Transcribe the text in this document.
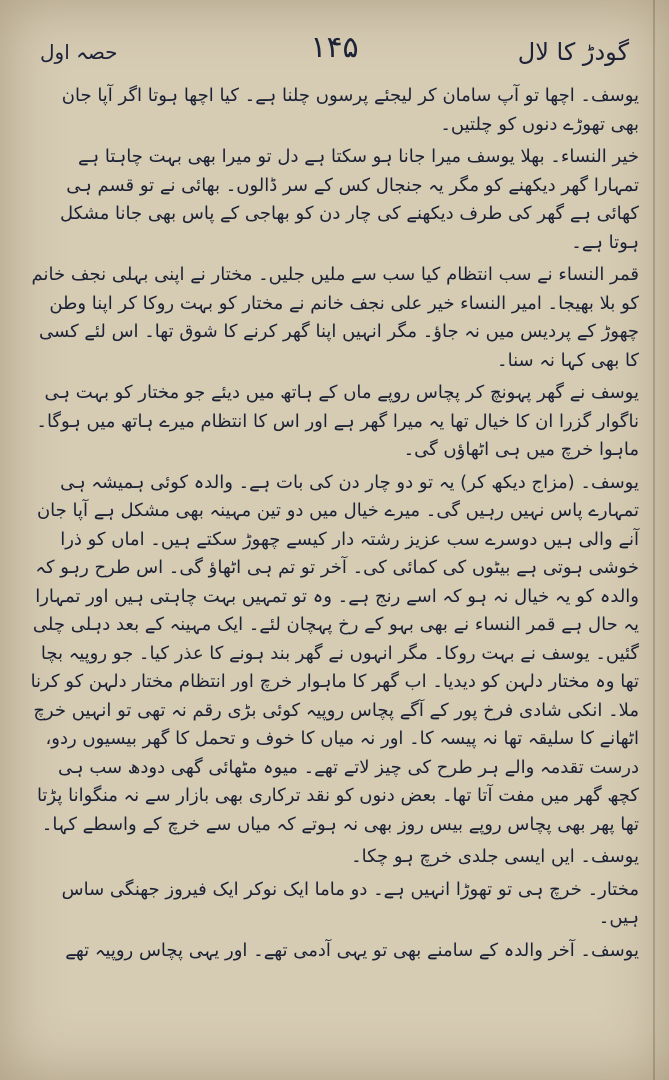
گودڑ کا لال
۱۴۵
حصہ اول

یوسف۔ اچھا تو آپ سامان کر لیجئے پرسوں چلنا ہے۔ کیا اچھا ہوتا اگر آپا جان بھی تھوڑے دنوں کو چلتیں۔

خیر النساء۔ بھلا یوسف میرا جانا ہو سکتا ہے دل تو میرا بھی بہت چاہتا ہے تمہارا گھر دیکھنے کو مگر یہ جنجال کس کے سر ڈالوں۔ بھائی نے تو قسم ہی کھائی ہے گھر کی طرف دیکھنے کی چار دن کو بھاجی کے پاس بھی جانا مشکل ہوتا ہے۔

قمر النساء نے سب انتظام کیا سب سے ملیں جلیں۔ مختار نے اپنی بہلی نجف خانم کو بلا بھیجا۔ امیر النساء خیر علی نجف خانم نے مختار کو بہت روکا کر اپنا وطن چھوڑ کے پردیس میں نہ جاؤ۔ مگر انہیں اپنا گھر کرنے کا شوق تھا۔ اس لئے کسی کا بھی کہا نہ سنا۔

یوسف نے گھر پہونچ کر پچاس روپے ماں کے ہاتھ میں دیئے جو مختار کو بہت ہی ناگوار گزرا ان کا خیال تھا یہ میرا گھر ہے اور اس کا انتظام میرے ہاتھ میں ہوگا۔ ماہوا خرچ میں ہی اٹھاؤں گی۔

یوسف۔ (مزاج دیکھ کر) یہ تو دو چار دن کی بات ہے۔ والدہ کوئی ہمیشہ ہی تمہارے پاس نہیں رہیں گی۔ میرے خیال میں دو تین مہینہ بھی مشکل ہے آپا جان آنے والی ہیں دوسرے سب عزیز رشتہ دار کیسے چھوڑ سکتے ہیں۔ اماں کو ذرا خوشی ہوتی ہے بیٹوں کی کمائی کی۔ آخر تو تم ہی اٹھاؤ گی۔ اس طرح رہو کہ والدہ کو یہ خیال نہ ہو کہ اسے رنج ہے۔ وہ تو تمہیں بہت چاہتی ہیں اور تمہارا یہ حال ہے قمر النساء نے بھی بہو کے رخ پہچان لئے۔ ایک مہینہ کے بعد دہلی چلی گئیں۔ یوسف نے بہت روکا۔ مگر انہوں نے گھر بند ہونے کا عذر کیا۔ جو روپیہ بچا تھا وہ مختار دلہن کو دیدیا۔ اب گھر کا ماہوار خرچ اور انتظام مختار دلہن کو کرنا ملا۔ انکی شادی فرخ پور کے آگے پچاس روپیہ کوئی بڑی رقم نہ تھی تو انہیں خرچ اٹھانے کا سلیقہ تھا نہ پیسہ کا۔ اور نہ میاں کا خوف و تحمل کا گھر بیسیوں ردو، درست تقدمہ والے ہر طرح کی چیز لاتے تھے۔ میوہ مٹھائی گھی دودھ سب ہی کچھ گھر میں مفت آتا تھا۔ بعض دنوں کو نقد ترکاری بھی بازار سے نہ منگوانا پڑتا تھا پھر بھی پچاس روپے بیس روز بھی نہ ہوتے کہ میاں سے خرچ کے واسطے کہا۔

یوسف۔ ایں ایسی جلدی خرچ ہو چکا۔

مختار۔ خرچ ہی تو تھوڑا انہیں ہے۔ دو ماما ایک نوکر ایک فیروز جھنگی ساس ہیں۔

یوسف۔ آخر والدہ کے سامنے بھی تو یہی آدمی تھے۔ اور یہی پچاس روپیہ تھے
